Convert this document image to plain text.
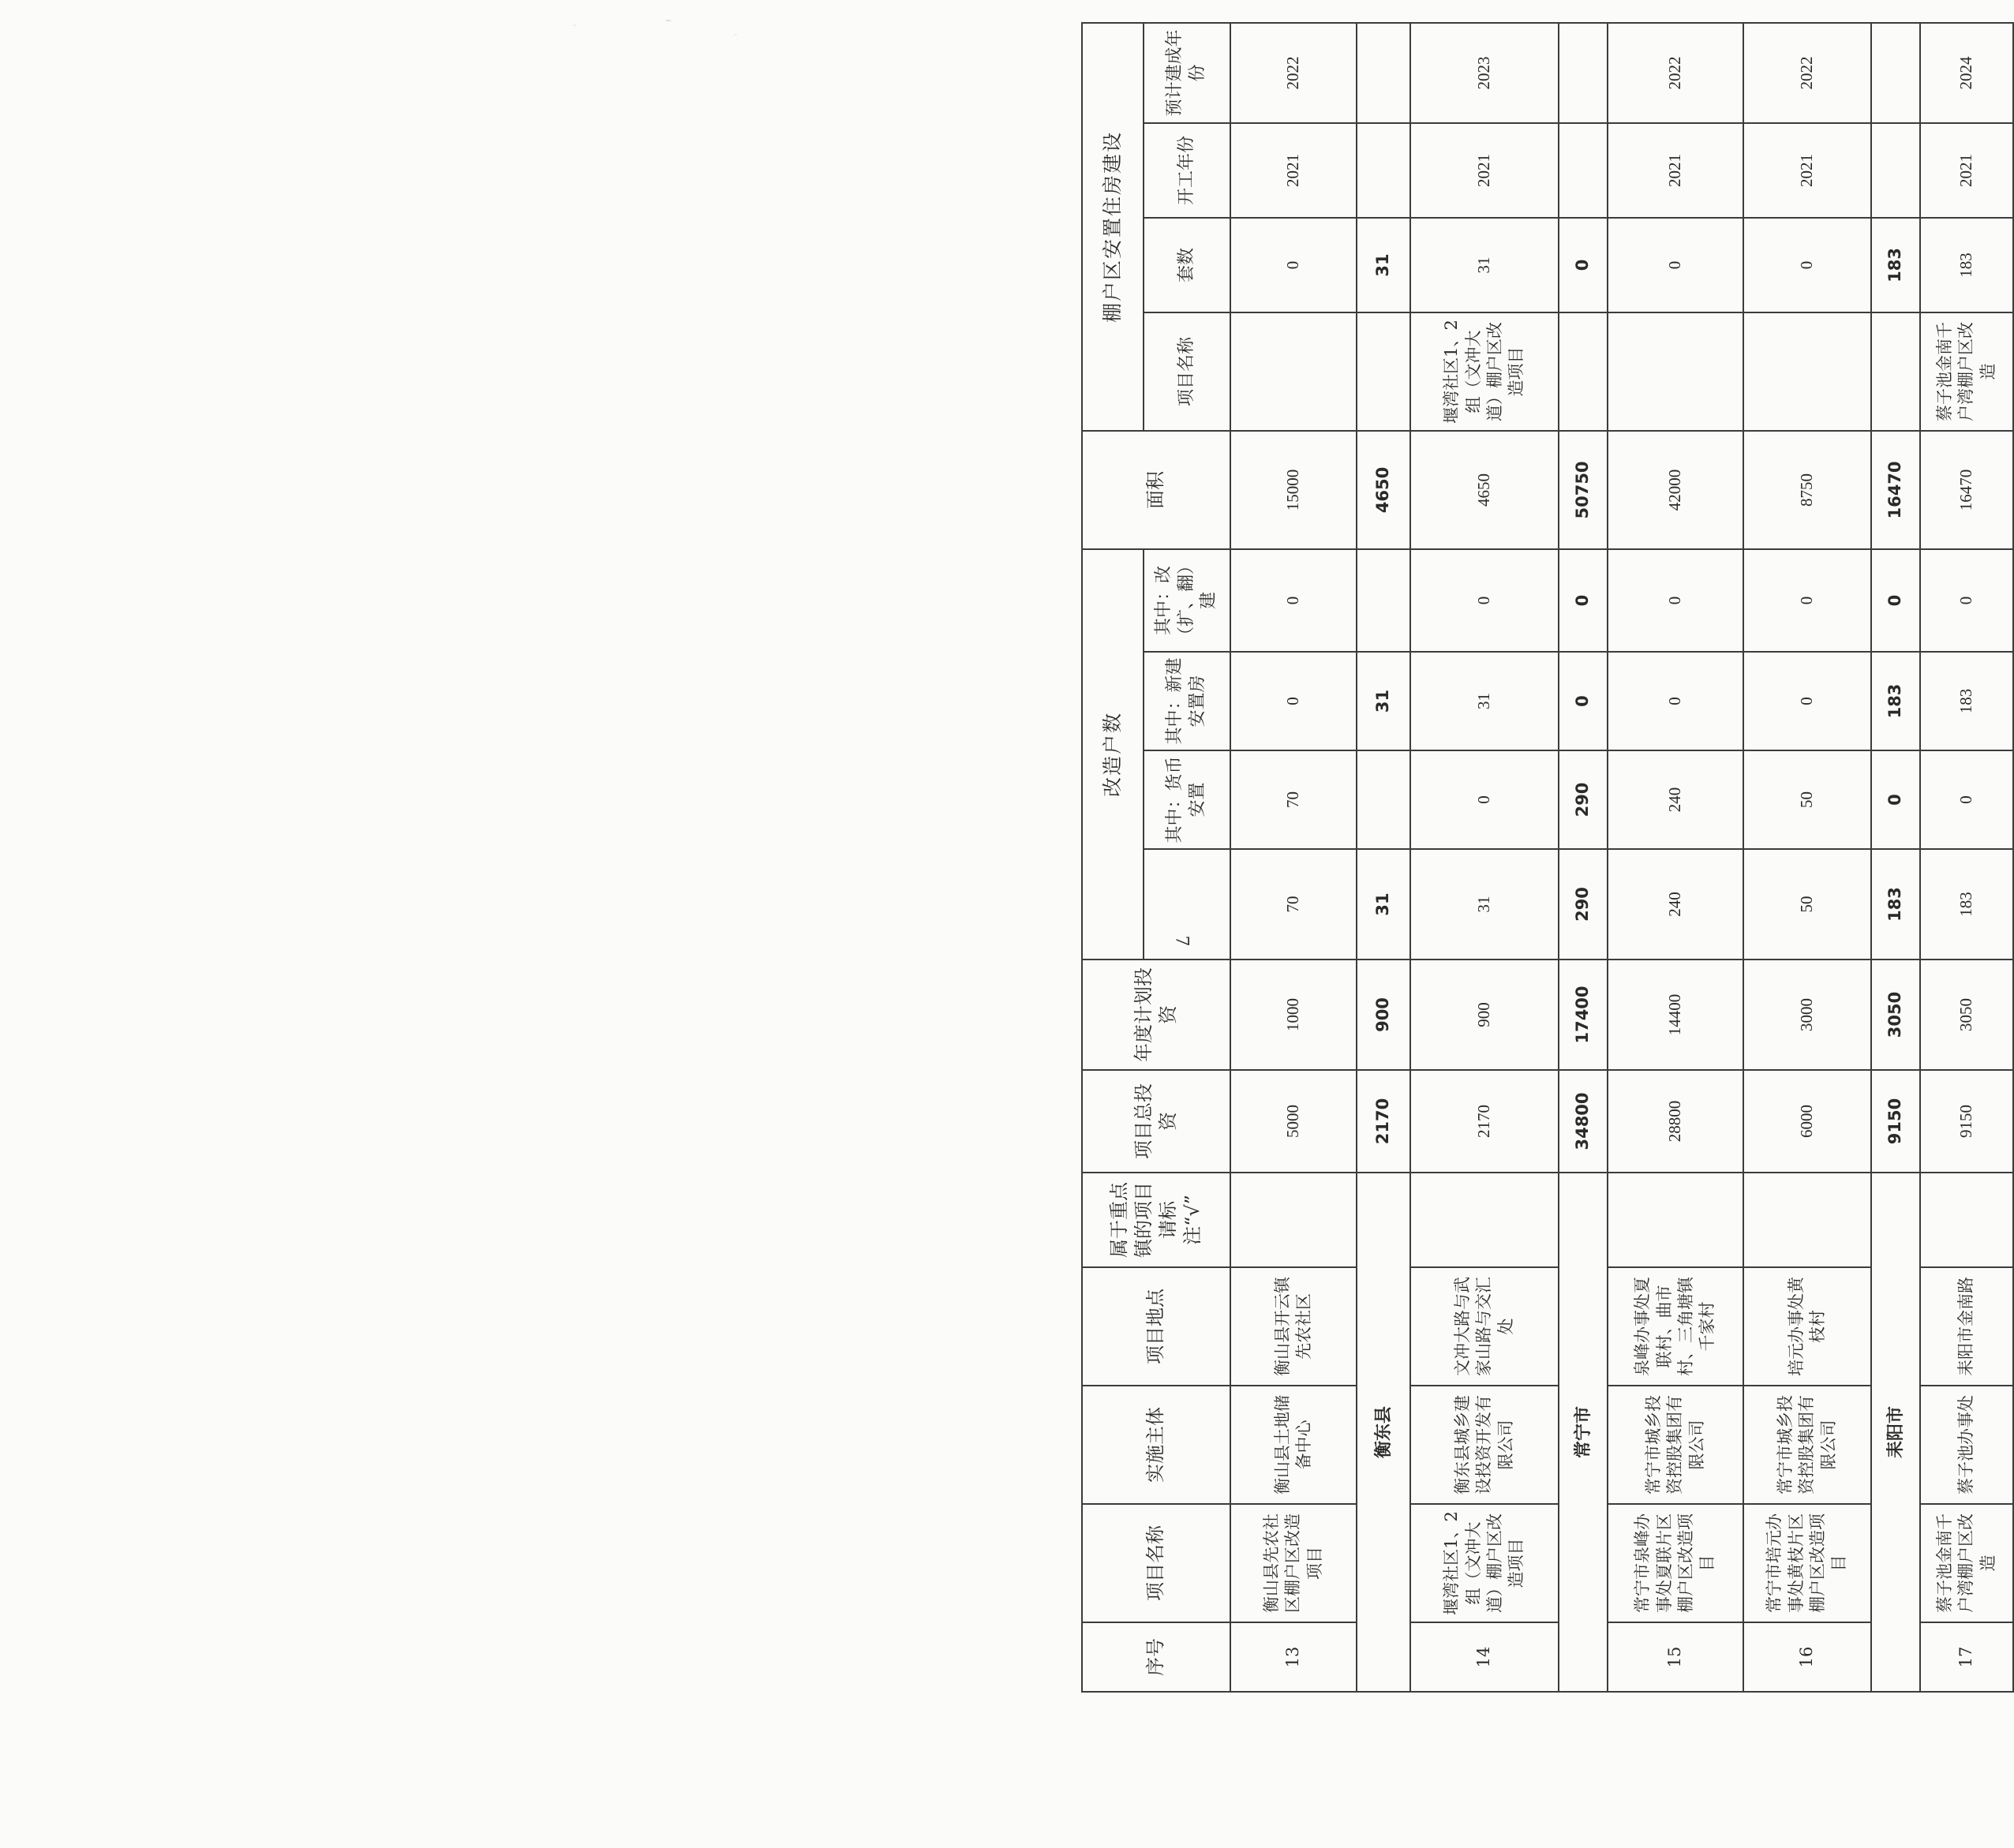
序号	项目名称	实施主体	项目地点	属于重点镇的项目请标注“√”	项目总投资	年度计划投资	改造户数				面积	棚户区安置住房建设			
								其中：货币安置	其中：新建安置房	其中：改（扩、翻）建		项目名称	套数	开工年份	预计建成年份
13	衡山县先农社区棚户区改造项目	衡山县土地储备中心	衡山县开云镇先农社区		5000	1000	70	70	0	0	15000		0	2021	2022
衡东县					2170	900	31		31		4650		31		
14	堰湾社区1、2组（文冲大道）棚户区改造项目	衡东县城乡建设投资开发有限公司	文冲大路与武家山路与交汇处		2170	900	31	0	31	0	4650	堰湾社区1、2组（文冲大道）棚户区改造项目	31	2021	2023
常宁市					34800	17400	290	290	0	0	50750		0		
15	常宁市泉峰办事处夏联片区棚户区改造项目	常宁市城乡投资控股集团有限公司	泉峰办事处夏联村、曲市村、三角塘镇千家村		28800	14400	240	240	0	0	42000		0	2021	2022
16	常宁市培元办事处黄枝片区棚户区改造项目	常宁市城乡投资控股集团有限公司	培元办事处黄枝村		6000	3000	50	50	0	0	8750		0	2021	2022
耒阳市					9150	3050	183	0	183	0	16470		183		
17	蔡子池金南千户湾棚户区改造	蔡子池办事处	耒阳市金南路		9150	3050	183	0	183	0	16470	蔡子池金南千户湾棚户区改造	183	2021	2024
7
